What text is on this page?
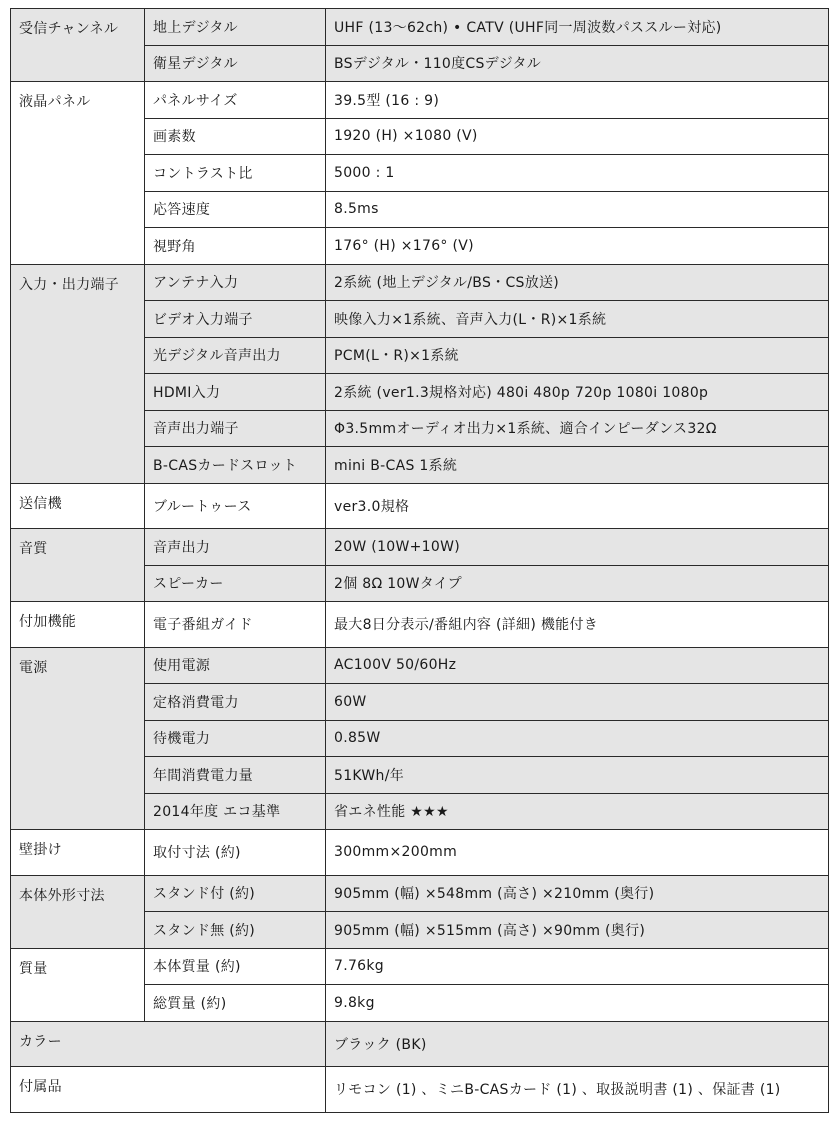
受信チャンネル	地上デジタル	UHF (13〜62ch) • CATV (UHF同一周波数パススルー対応)
	衛星デジタル	BSデジタル・110度CSデジタル
液晶パネル	パネルサイズ	39.5型 (16 : 9)
	画素数	1920 (H) ×1080 (V)
	コントラスト比	5000 : 1
	応答速度	8.5ms
	視野角	176° (H) ×176° (V)
入力・出力端子	アンテナ入力	2系統 (地上デジタル/BS・CS放送)
	ビデオ入力端子	映像入力×1系統、音声入力(L・R)×1系統
	光デジタル音声出力	PCM(L・R)×1系統
	HDMI入力	2系統 (ver1.3規格対応) 480i 480p 720p 1080i 1080p
	音声出力端子	Φ3.5mmオーディオ出力×1系統、適合インピーダンス32Ω
	B-CASカードスロット	mini B-CAS 1系統
送信機	ブルートゥース	ver3.0規格
音質	音声出力	20W (10W+10W)
	スピーカー	2個 8Ω 10Wタイプ
付加機能	電子番組ガイド	最大8日分表示/番組内容 (詳細) 機能付き
電源	使用電源	AC100V 50/60Hz
	定格消費電力	60W
	待機電力	0.85W
	年間消費電力量	51KWh/年
	2014年度 エコ基準	省エネ性能 ★★★
壁掛け	取付寸法 (約)	300mm×200mm
本体外形寸法	スタンド付 (約)	905mm (幅) ×548mm (高さ) ×210mm (奥行)
	スタンド無 (約)	905mm (幅) ×515mm (高さ) ×90mm (奥行)
質量	本体質量 (約)	7.76kg
	総質量 (約)	9.8kg
カラー		ブラック (BK)
付属品		リモコン (1) 、ミニB-CASカード (1) 、取扱説明書 (1) 、保証書 (1)
